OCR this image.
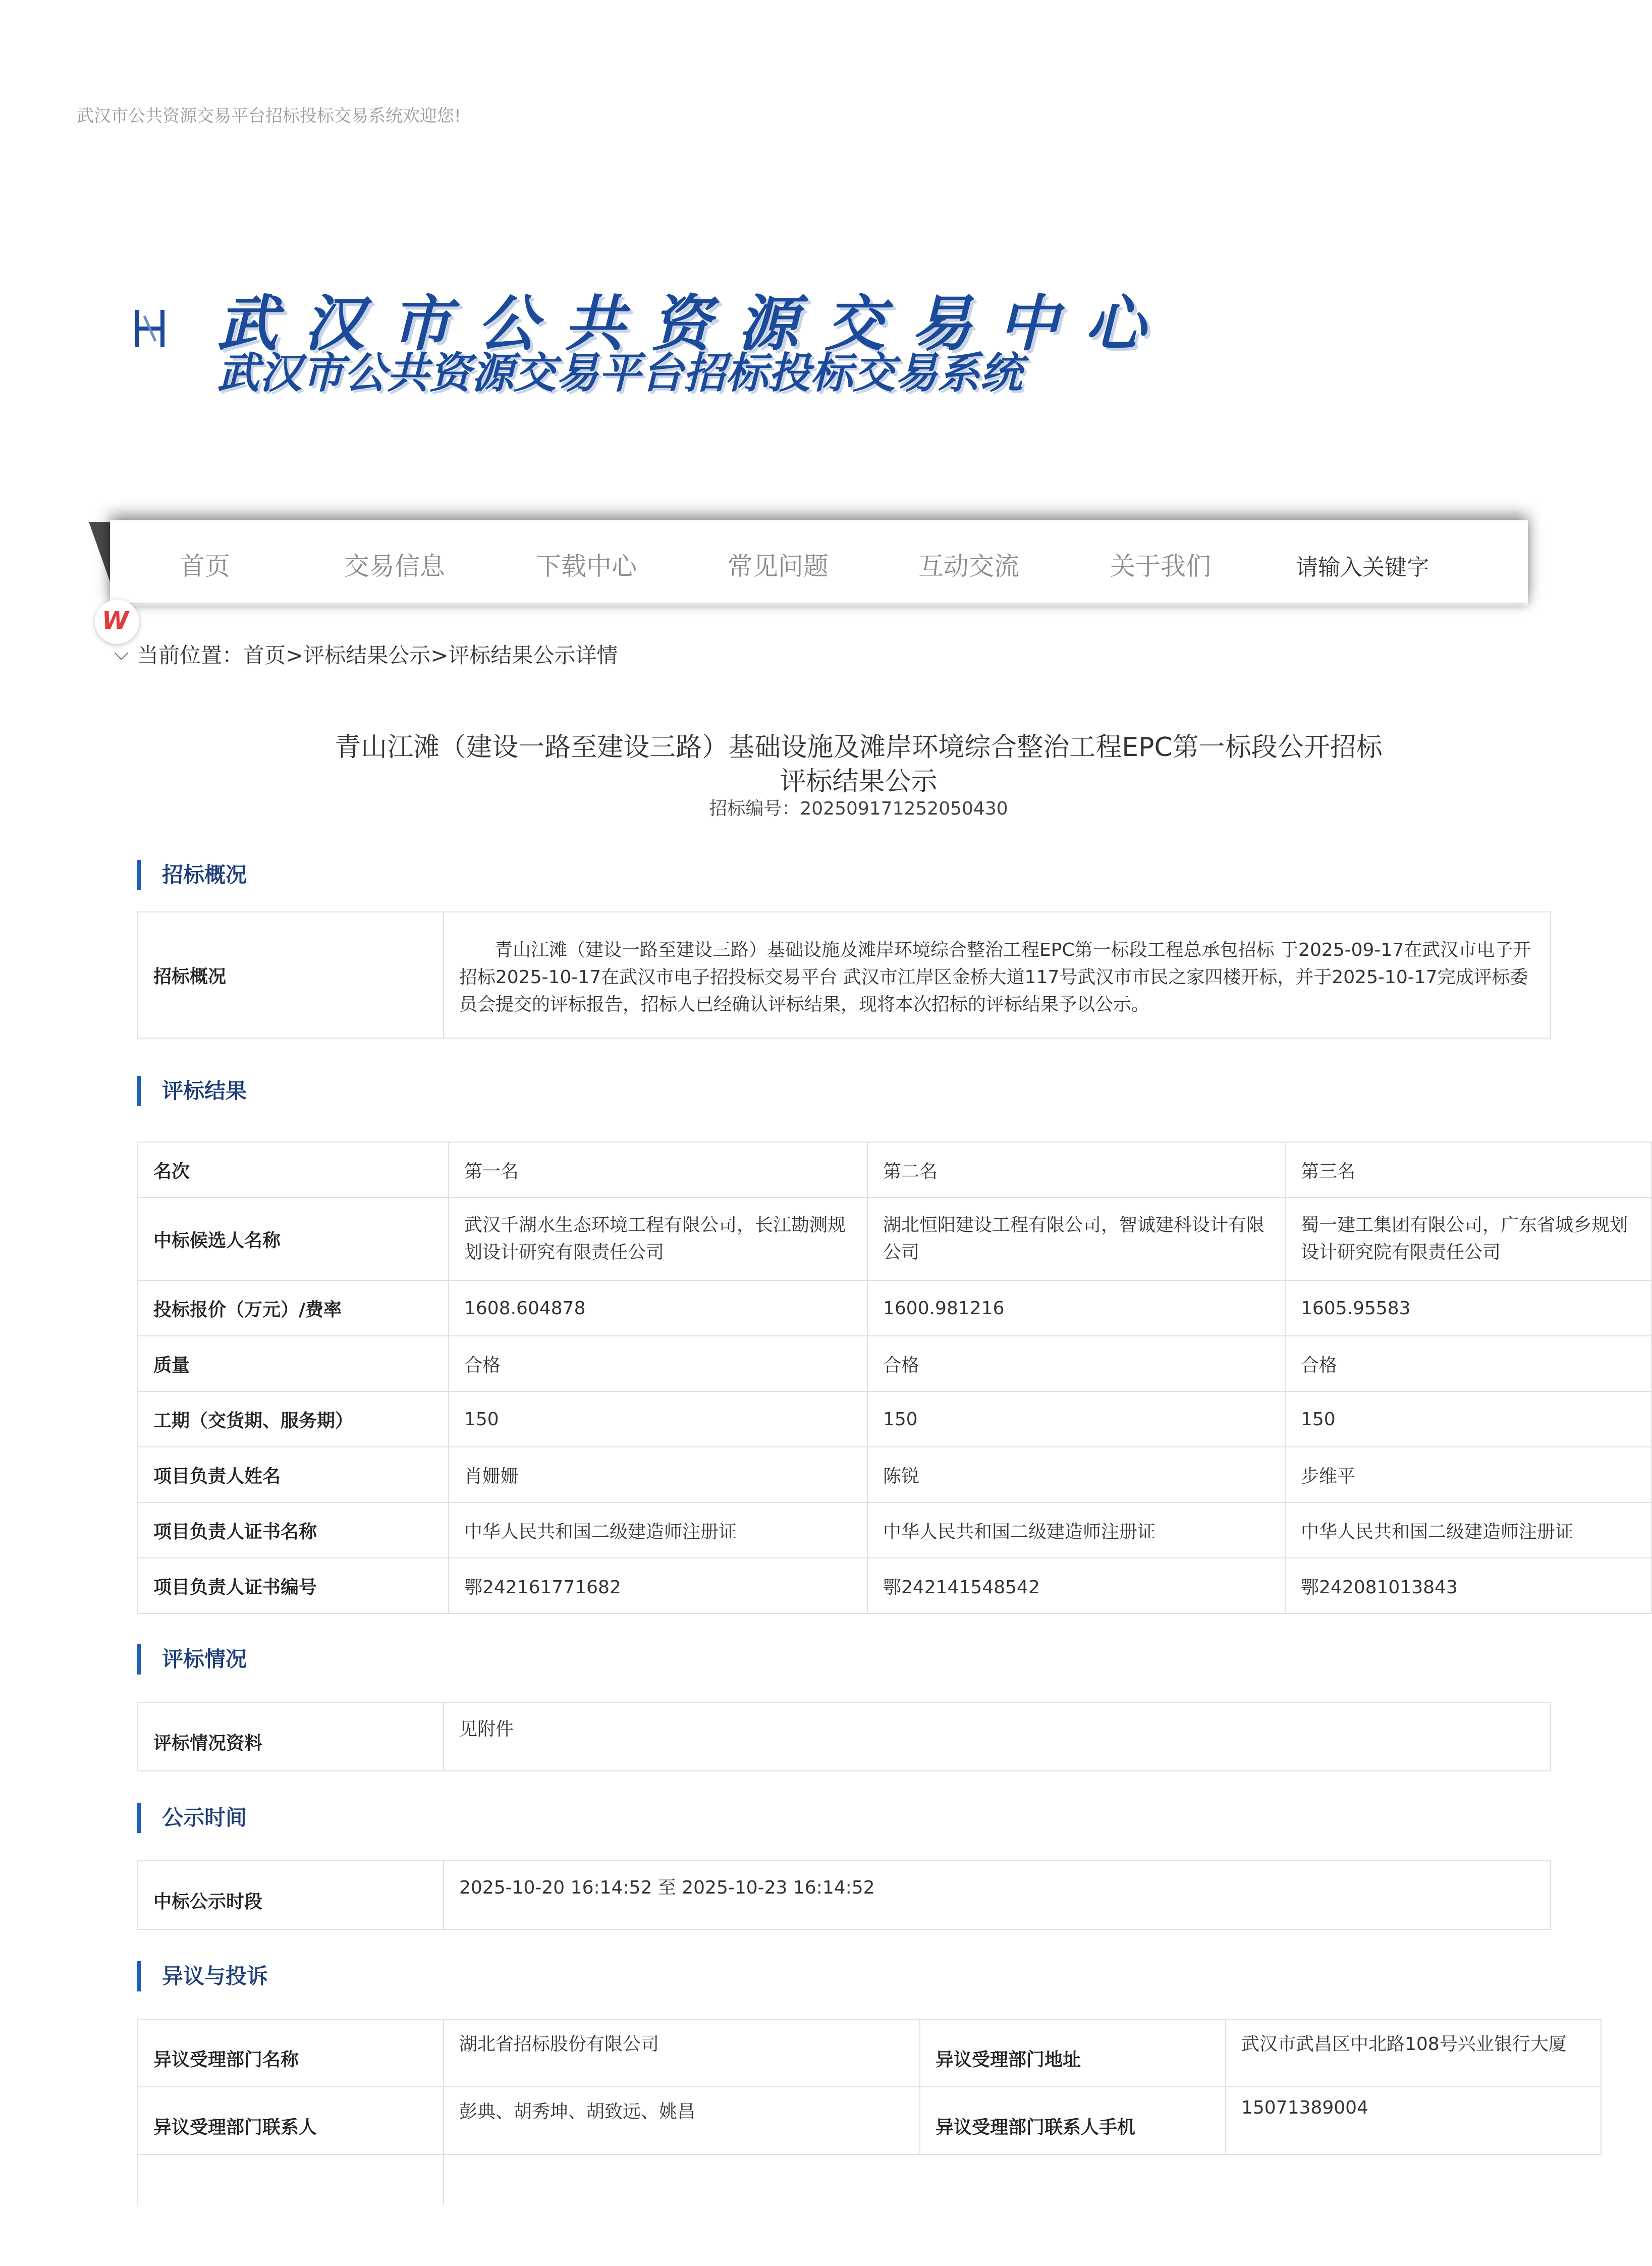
武汉市公共资源交易平台招标投标交易系统欢迎您!
武汉市公共资源交易中心
武汉市公共资源交易平台招标投标交易系统
首页	交易信息	下载中心	常见问题	互动交流	关于我们	请输入关键字
W
⌵ 当前位置：首页>评标结果公示>评标结果公示详情
青山江滩（建设一路至建设三路）基础设施及滩岸环境综合整治工程EPC第一标段公开招标
评标结果公示
招标编号：202509171252050430
招标概况
招标概况	青山江滩（建设一路至建设三路）基础设施及滩岸环境综合整治工程EPC第一标段工程总承包招标 于2025-09-17在武汉市电子开招标2025-10-17在武汉市电子招投标交易平台 武汉市江岸区金桥大道117号武汉市市民之家四楼开标，并于2025-10-17完成评标委员会提交的评标报告，招标人已经确认评标结果，现将本次招标的评标结果予以公示。
评标结果
名次	第一名	第二名	第三名
中标候选人名称	武汉千湖水生态环境工程有限公司，长江勘测规划设计研究有限责任公司	湖北恒阳建设工程有限公司，智诚建科设计有限公司	蜀一建工集团有限公司，广东省城乡规划设计研究院有限责任公司
投标报价（万元）/费率	1608.604878	1600.981216	1605.95583
质量	合格	合格	合格
工期（交货期、服务期）	150	150	150
项目负责人姓名	肖姗姗	陈锐	步维平
项目负责人证书名称	中华人民共和国二级建造师注册证	中华人民共和国二级建造师注册证	中华人民共和国二级建造师注册证
项目负责人证书编号	鄂242161771682	鄂242141548542	鄂242081013843
评标情况
评标情况资料	见附件
公示时间
中标公示时段	2025-10-20 16:14:52 至 2025-10-23 16:14:52
异议与投诉
异议受理部门名称	湖北省招标股份有限公司	异议受理部门地址	武汉市武昌区中北路108号兴业银行大厦
异议受理部门联系人	彭典、胡秀坤、胡致远、姚昌	异议受理部门联系人手机	15071389004
